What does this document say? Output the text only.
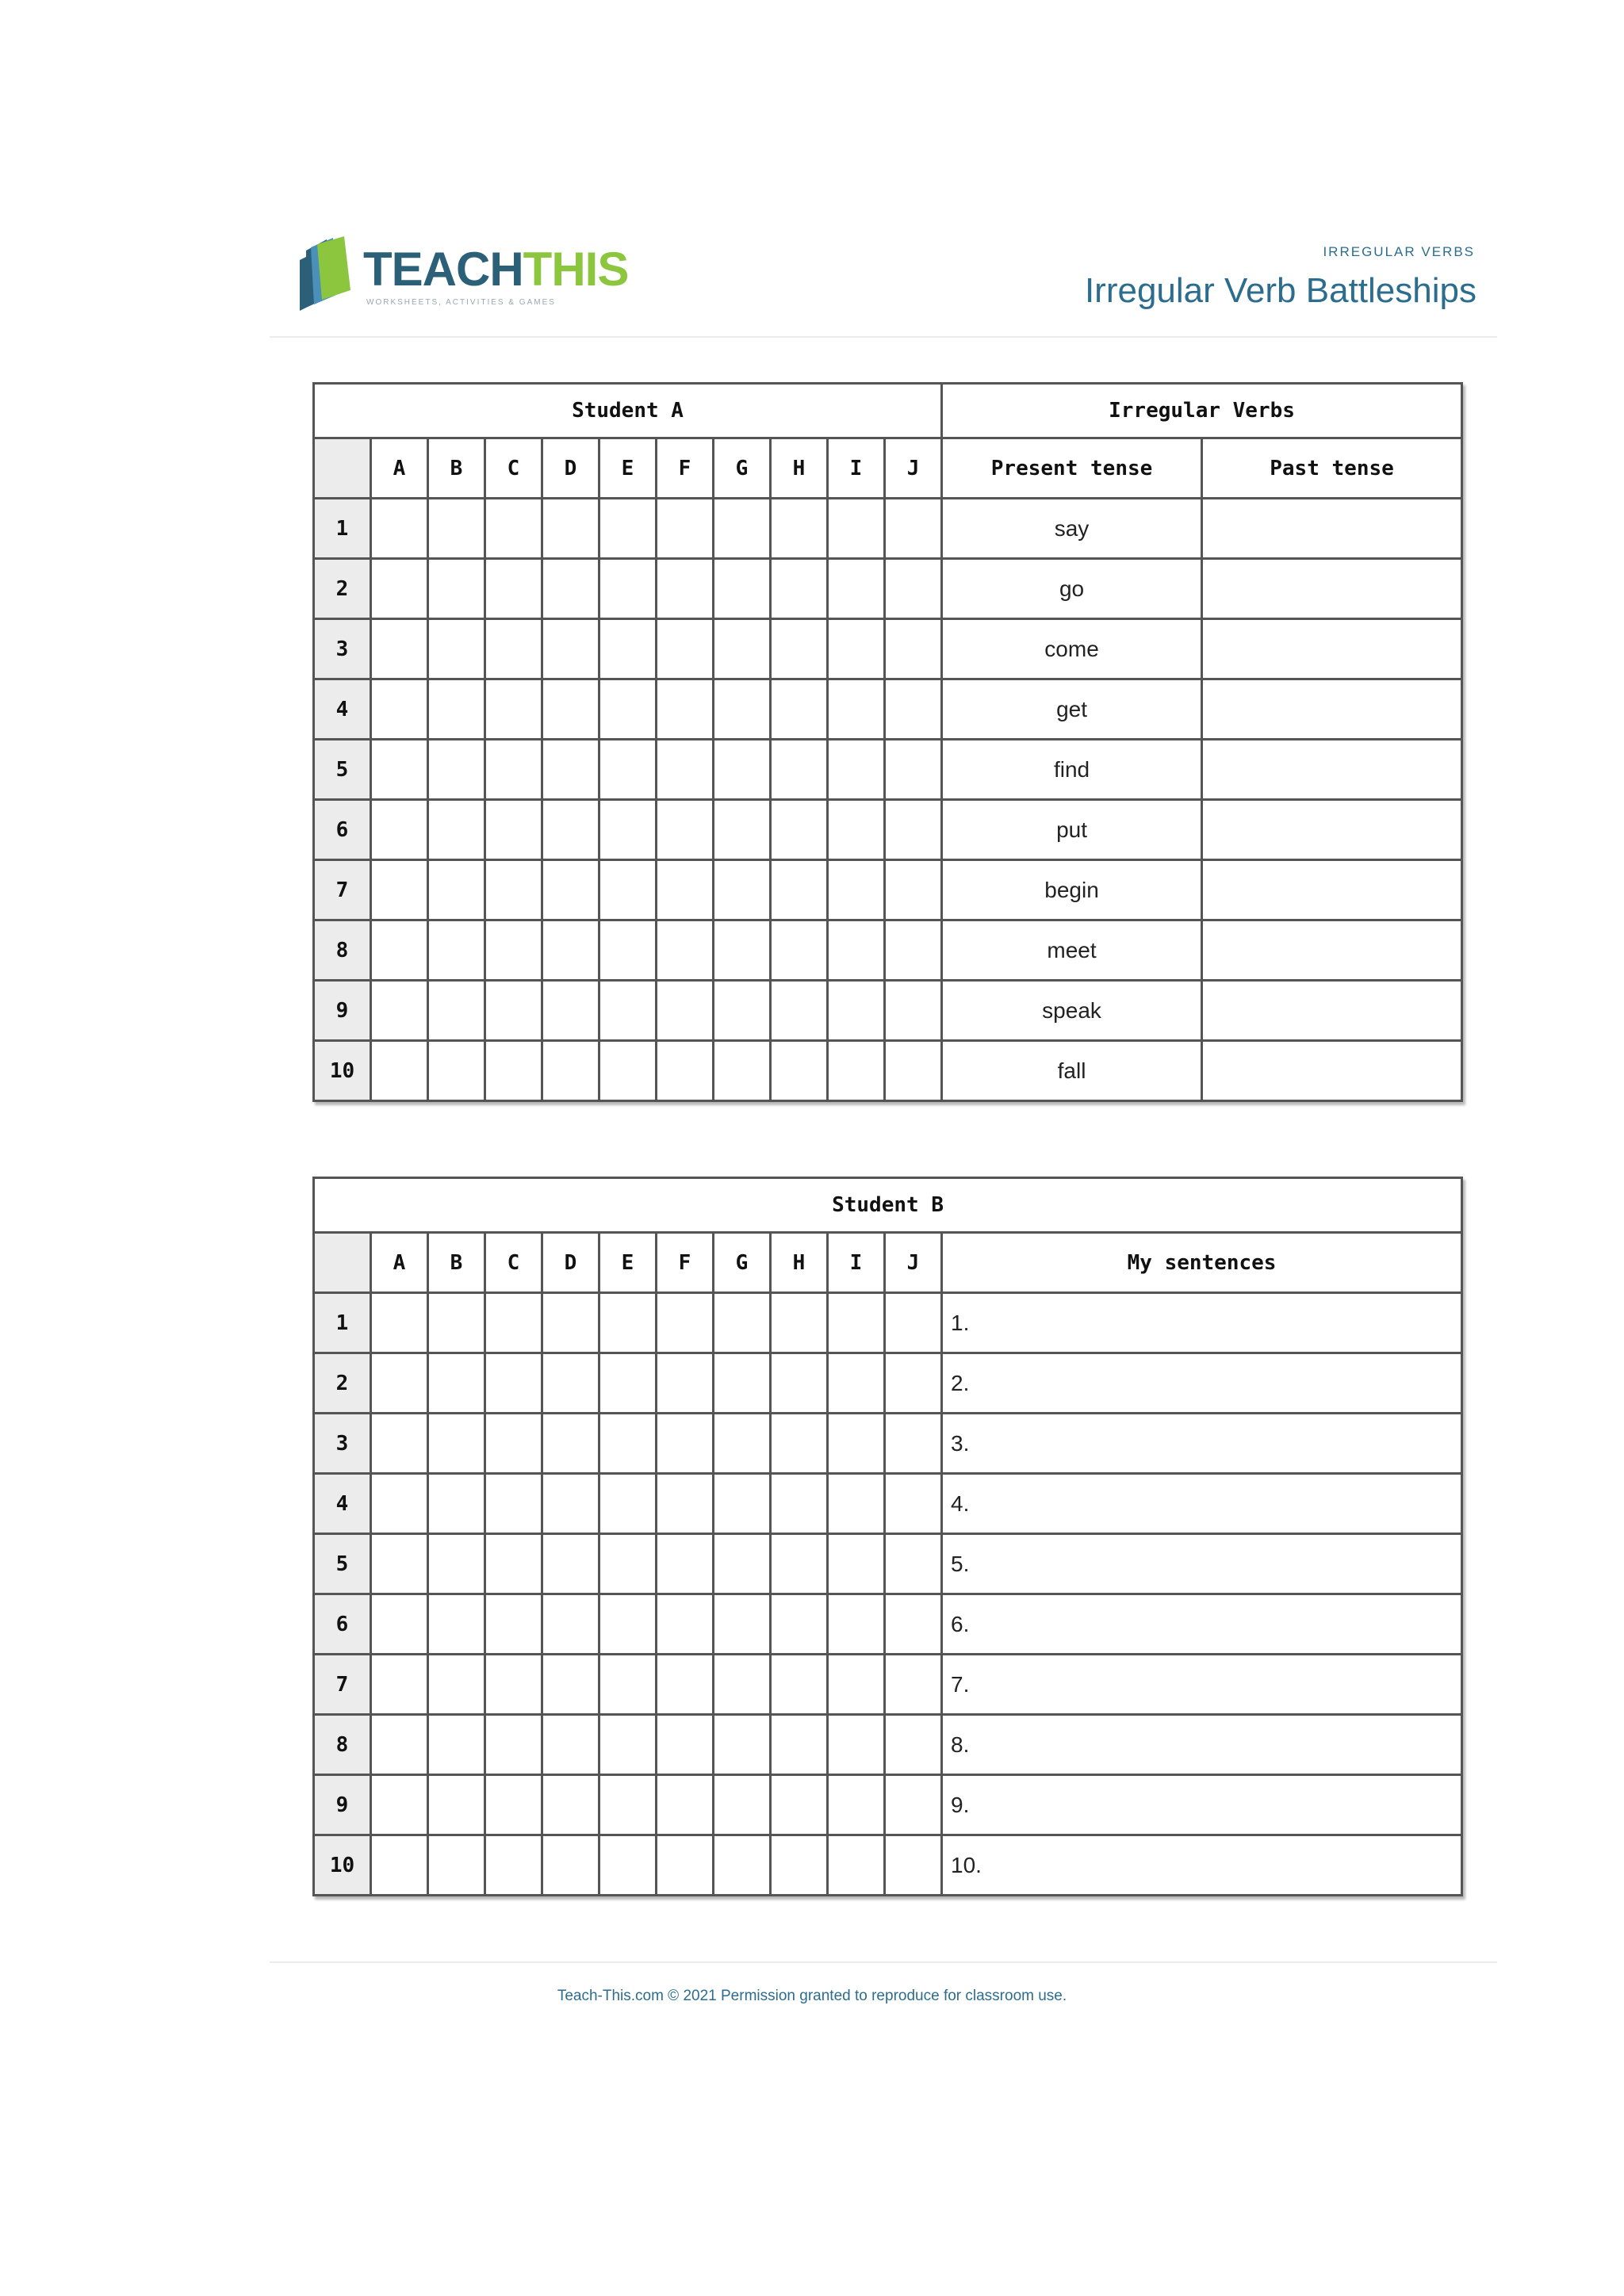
TEACHTHIS
WORKSHEETS, ACTIVITIES & GAMES
IRREGULAR VERBS
Irregular Verb Battleships
Student A											Irregular Verbs	
	A	B	C	D	E	F	G	H	I	J	Present tense	Past tense
1											say	
2											go	
3											come	
4											get	
5											find	
6											put	
7											begin	
8											meet	
9											speak	
10											fall	
Student B											
	A	B	C	D	E	F	G	H	I	J	My sentences
1											1.
2											2.
3											3.
4											4.
5											5.
6											6.
7											7.
8											8.
9											9.
10											10.
Teach-This.com © 2021 Permission granted to reproduce for classroom use.
